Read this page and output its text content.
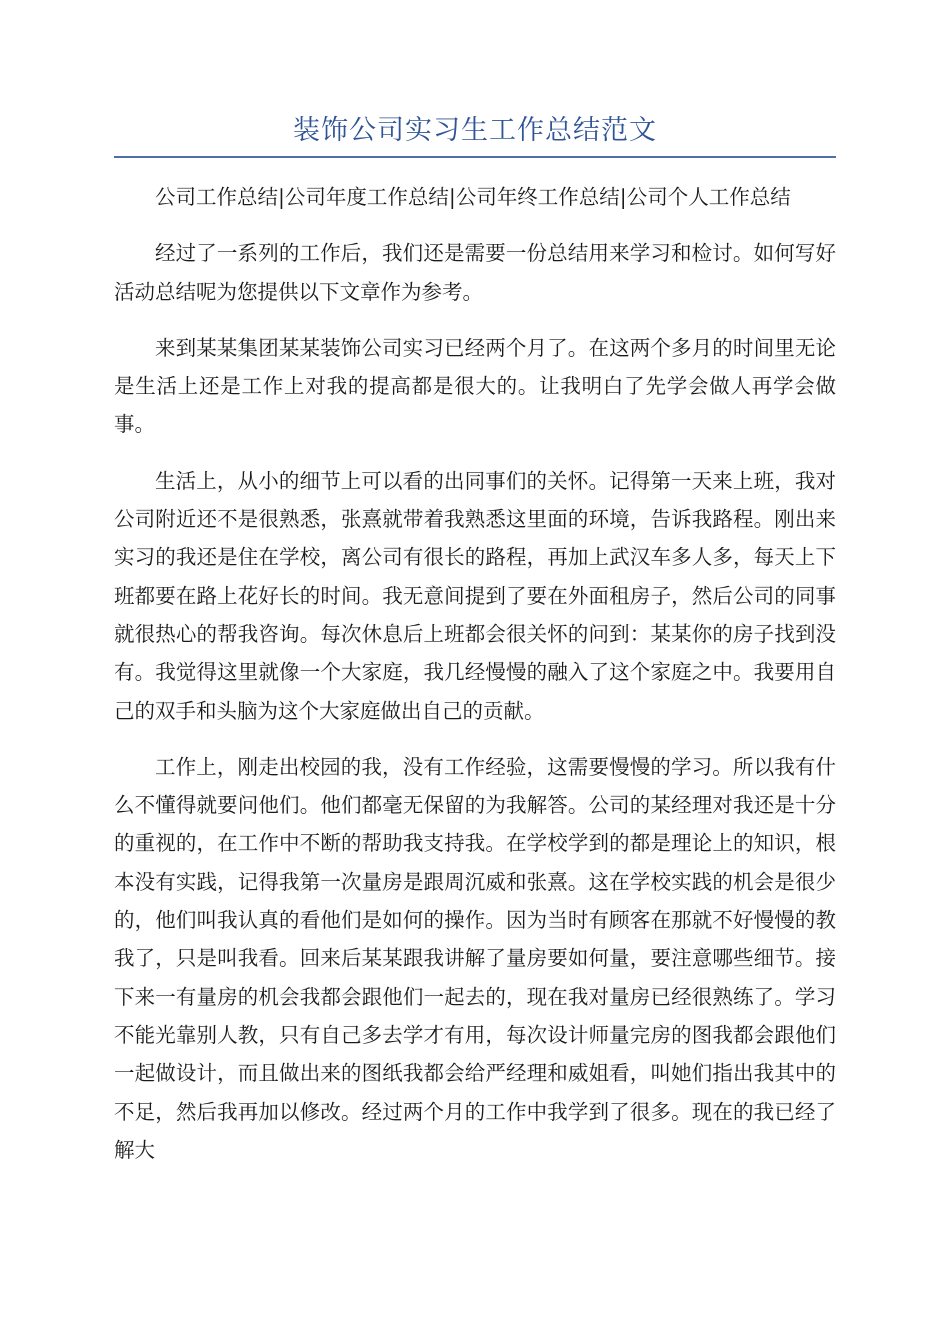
装饰公司实习生工作总结范文

公司工作总结|公司年度工作总结|公司年终工作总结|公司个人工作总结

经过了一系列的工作后，我们还是需要一份总结用来学习和检讨。如何写好活动总结呢为您提供以下文章作为参考。

来到某某集团某某装饰公司实习已经两个月了。在这两个多月的时间里无论是生活上还是工作上对我的提高都是很大的。让我明白了先学会做人再学会做事。

生活上，从小的细节上可以看的出同事们的关怀。记得第一天来上班，我对公司附近还不是很熟悉，张熹就带着我熟悉这里面的环境，告诉我路程。刚出来实习的我还是住在学校，离公司有很长的路程，再加上武汉车多人多，每天上下班都要在路上花好长的时间。我无意间提到了要在外面租房子，然后公司的同事就很热心的帮我咨询。每次休息后上班都会很关怀的问到：某某你的房子找到没有。我觉得这里就像一个大家庭，我几经慢慢的融入了这个家庭之中。我要用自己的双手和头脑为这个大家庭做出自己的贡献。

工作上，刚走出校园的我，没有工作经验，这需要慢慢的学习。所以我有什么不懂得就要问他们。他们都毫无保留的为我解答。公司的某经理对我还是十分的重视的，在工作中不断的帮助我支持我。在学校学到的都是理论上的知识，根本没有实践，记得我第一次量房是跟周沉威和张熹。这在学校实践的机会是很少的，他们叫我认真的看他们是如何的操作。因为当时有顾客在那就不好慢慢的教我了，只是叫我看。回来后某某跟我讲解了量房要如何量，要注意哪些细节。接下来一有量房的机会我都会跟他们一起去的，现在我对量房已经很熟练了。学习不能光靠别人教，只有自己多去学才有用，每次设计师量完房的图我都会跟他们一起做设计，而且做出来的图纸我都会给严经理和威姐看，叫她们指出我其中的不足，然后我再加以修改。经过两个月的工作中我学到了很多。现在的我已经了解大
